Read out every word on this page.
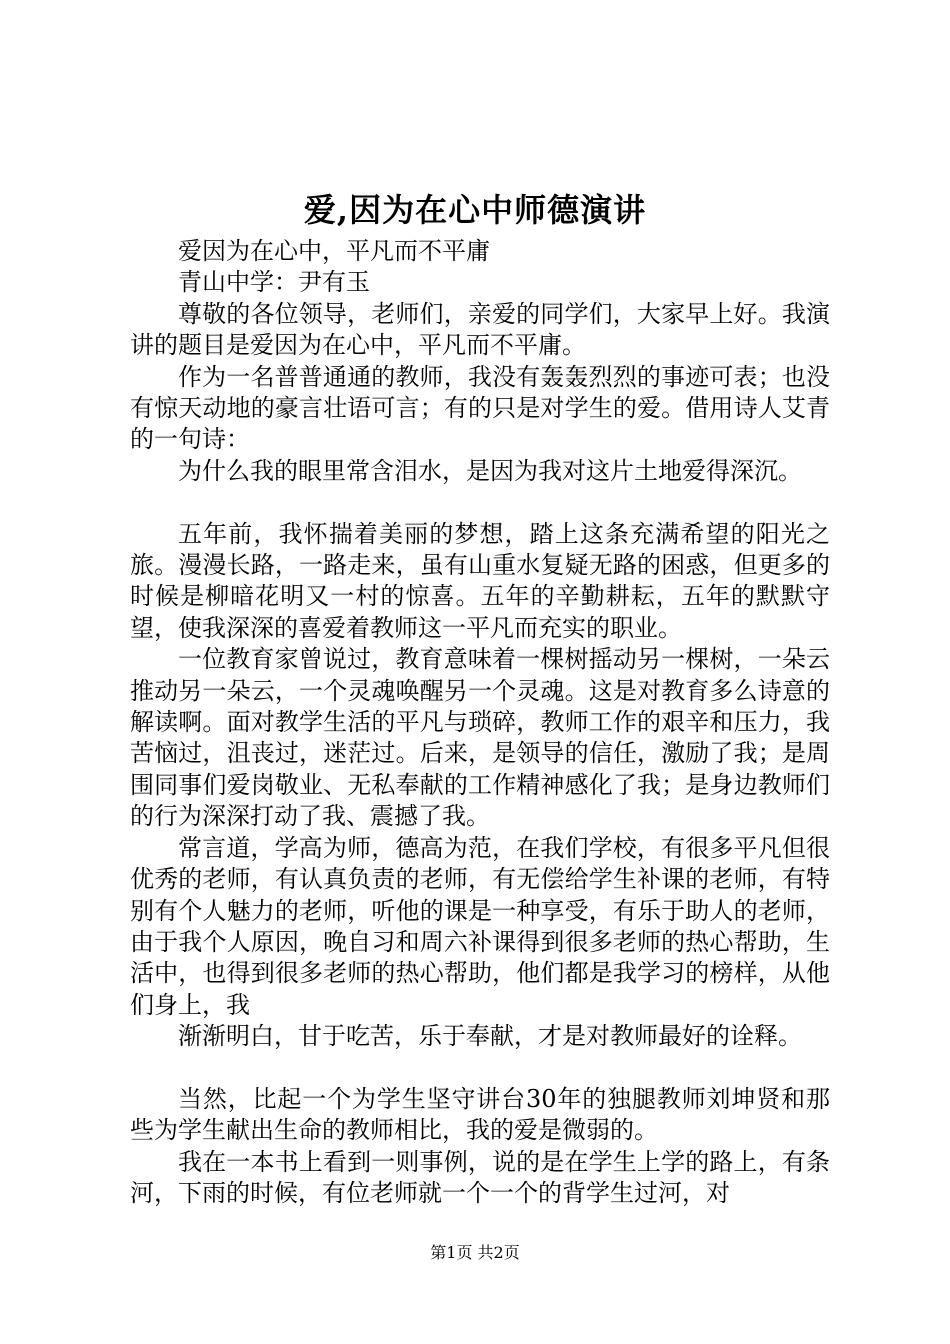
爱,因为在心中师德演讲

爱因为在心中，平凡而不平庸

青山中学：尹有玉

尊敬的各位领导，老师们，亲爱的同学们，大家早上好。我演讲的题目是爱因为在心中，平凡而不平庸。

作为一名普普通通的教师，我没有轰轰烈烈的事迹可表；也没有惊天动地的豪言壮语可言；有的只是对学生的爱。借用诗人艾青的一句诗：

为什么我的眼里常含泪水，是因为我对这片土地爱得深沉。

五年前，我怀揣着美丽的梦想，踏上这条充满希望的阳光之旅。漫漫长路，一路走来，虽有山重水复疑无路的困惑，但更多的时候是柳暗花明又一村的惊喜。五年的辛勤耕耘，五年的默默守望，使我深深的喜爱着教师这一平凡而充实的职业。

一位教育家曾说过，教育意味着一棵树摇动另一棵树，一朵云推动另一朵云，一个灵魂唤醒另一个灵魂。这是对教育多么诗意的解读啊。面对教学生活的平凡与琐碎，教师工作的艰辛和压力，我苦恼过，沮丧过，迷茫过。后来，是领导的信任，激励了我；是周围同事们爱岗敬业、无私奉献的工作精神感化了我；是身边教师们的行为深深打动了我、震撼了我。

常言道，学高为师，德高为范，在我们学校，有很多平凡但很优秀的老师，有认真负责的老师，有无偿给学生补课的老师，有特别有个人魅力的老师，听他的课是一种享受，有乐于助人的老师，由于我个人原因，晚自习和周六补课得到很多老师的热心帮助，生活中，也得到很多老师的热心帮助，他们都是我学习的榜样，从他们身上，我

渐渐明白，甘于吃苦，乐于奉献，才是对教师最好的诠释。

当然，比起一个为学生坚守讲台30年的独腿教师刘坤贤和那些为学生献出生命的教师相比，我的爱是微弱的。

我在一本书上看到一则事例，说的是在学生上学的路上，有条河，下雨的时候，有位老师就一个一个的背学生过河，对

第1页 共2页
